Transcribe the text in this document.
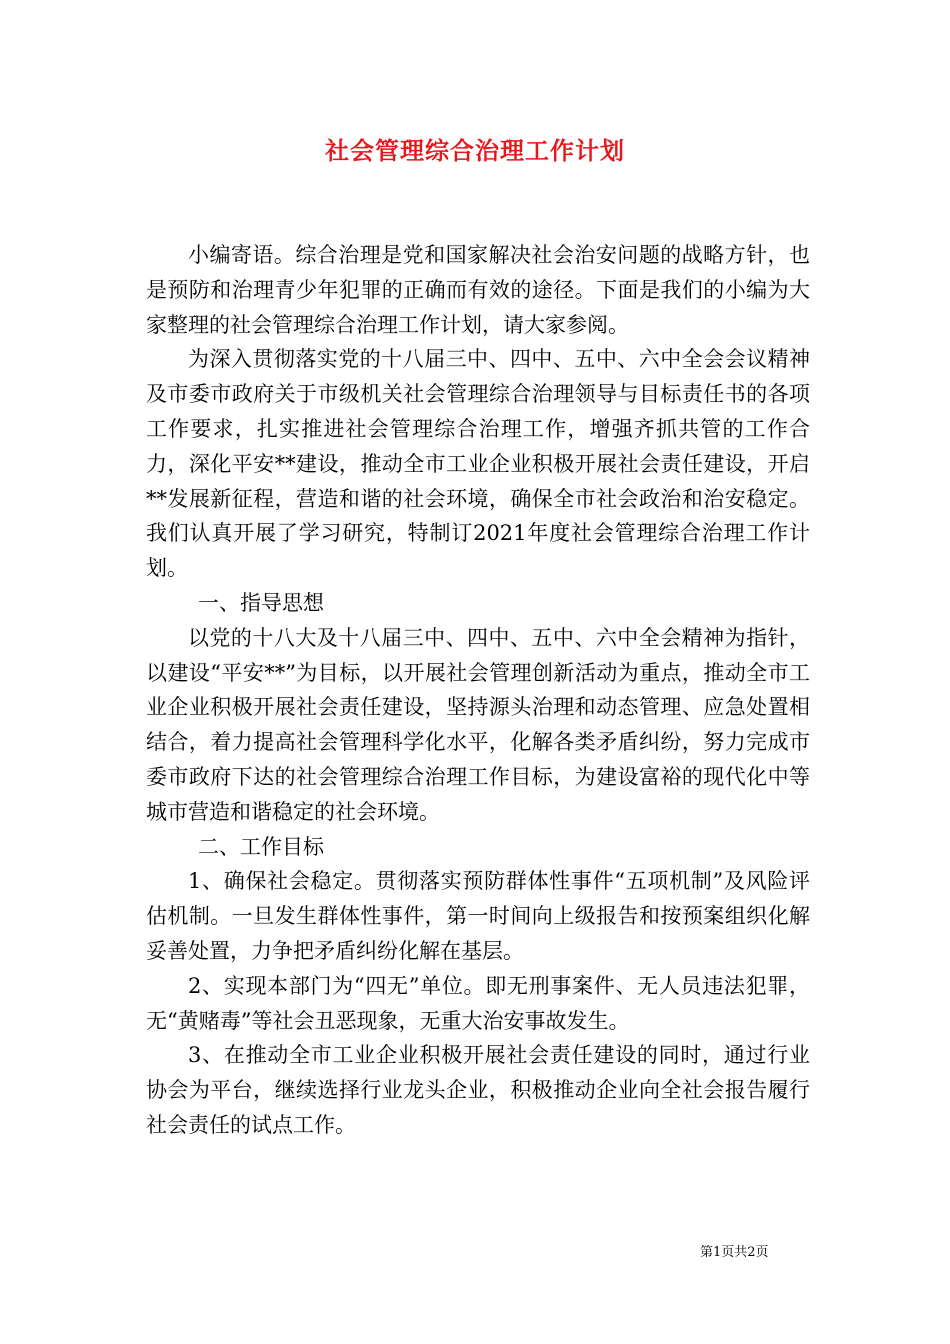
社会管理综合治理工作计划

小编寄语。综合治理是党和国家解决社会治安问题的战略方针，也是预防和治理青少年犯罪的正确而有效的途径。下面是我们的小编为大家整理的社会管理综合治理工作计划，请大家参阅。

为深入贯彻落实党的十八届三中、四中、五中、六中全会会议精神及市委市政府关于市级机关社会管理综合治理领导与目标责任书的各项工作要求，扎实推进社会管理综合治理工作，增强齐抓共管的工作合力，深化平安**建设，推动全市工业企业积极开展社会责任建设，开启**发展新征程，营造和谐的社会环境，确保全市社会政治和治安稳定。我们认真开展了学习研究，特制订2021年度社会管理综合治理工作计划。

一、指导思想

以党的十八大及十八届三中、四中、五中、六中全会精神为指针，以建设“平安**”为目标，以开展社会管理创新活动为重点，推动全市工业企业积极开展社会责任建设，坚持源头治理和动态管理、应急处置相结合，着力提高社会管理科学化水平，化解各类矛盾纠纷，努力完成市委市政府下达的社会管理综合治理工作目标，为建设富裕的现代化中等城市营造和谐稳定的社会环境。

二、工作目标

1、确保社会稳定。贯彻落实预防群体性事件“五项机制”及风险评估机制。一旦发生群体性事件，第一时间向上级报告和按预案组织化解妥善处置，力争把矛盾纠纷化解在基层。

2、实现本部门为“四无”单位。即无刑事案件、无人员违法犯罪，无“黄赌毒”等社会丑恶现象，无重大治安事故发生。

3、在推动全市工业企业积极开展社会责任建设的同时，通过行业协会为平台，继续选择行业龙头企业，积极推动企业向全社会报告履行社会责任的试点工作。

第1页共2页
